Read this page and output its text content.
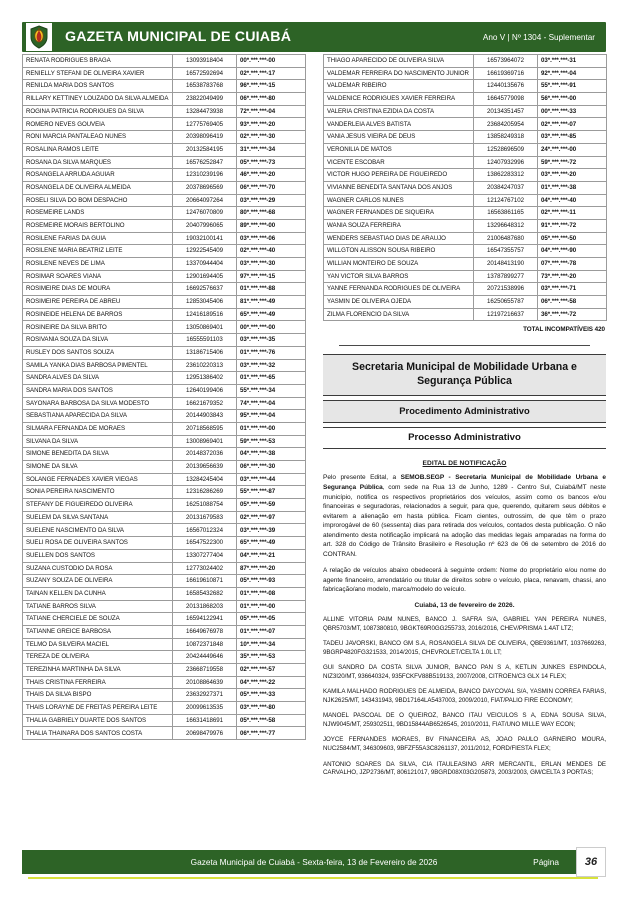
GAZETA MUNICIPAL DE CUIABÁ	Ano V | Nº 1304 - Suplementar
RENATA RODRIGUES BRAGA	13093918404	00*.***.***-00
RENIELLY STEFANI DE OLIVEIRA XAVIER	16572592694	02*.***.***-17
RENILDA MARIA DOS SANTOS	16538783768	96*.***.***-15
RILLARY KETTINEY LOUZADO DA SILVA ALMEIDA	23822049499	06*.***.***-80
ROGINA PATRICIA RODRIGUES DA SILVA	13284473938	72*.***.***-04
ROMERO NEVES GOUVEIA	12775769405	93*.***.***-20
RONI MARCIA PANTALEAO NUNES	20398096419	02*.***.***-30
ROSALINA RAMOS LEITE	20132584195	31*.***.***-34
ROSANA DA SILVA MARQUES	16576252847	05*.***.***-73
ROSANGELA ARRUDA AGUIAR	12310239196	46*.***.***-20
ROSANGELA DE OLIVEIRA ALMEIDA	20378696569	06*.***.***-70
ROSELI SILVA DO BOM DESPACHO	20664097264	03*.***.***-29
ROSEMEIRE LANDS	12476070809	80*.***.***-68
ROSEMEIRE MORAIS BERTOLINO	20407996065	89*.***.***-00
ROSILENE FARIAS DA GUIA	19032100141	03*.***.***-06
ROSILENE MARIA BEATRIZ LEITE	12922545409	02*.***.***-40
ROSILENE NEVES DE LIMA	13370944404	03*.***.***-30
ROSIMAR SOARES VIANA	12901694405	97*.***.***-15
ROSIMEIRE DIAS DE MOURA	16692576637	01*.***.***-88
ROSIMEIRE PEREIRA DE ABREU	12853045406	81*.***.***-49
ROSINEIDE HELENA DE BARROS	12416189516	65*.***.***-49
ROSINEIRE DA SILVA BRITO	13050869401	00*.***.***-00
ROSIVANIA SOUZA DA SILVA	16555591103	03*.***.***-35
RUSLEY DOS SANTOS SOUZA	13186715406	01*.***.***-76
SAMILA YANKA DIAS BARBOSA PIMENTEL	23610220313	03*.***.***-32
SANDRA ALVES DA SILVA	12951386402	01*.***.***-65
SANDRA MARIA DOS SANTOS	12640199406	55*.***.***-34
SAYONARA BARBOSA DA SILVA MODESTO	16621679352	74*.***.***-04
SEBASTIANA APARECIDA DA SILVA	20144903843	95*.***.***-04
SILMARA FERNANDA DE MORAES	20718568595	01*.***.***-00
SILVANA DA SILVA	13008969401	59*.***.***-53
SIMONE BENEDITA DA SILVA	20148372036	04*.***.***-38
SIMONE DA SILVA	20139656639	06*.***.***-30
SOLANGE FERNADES XAVIER VIEGAS	13284245404	03*.***.***-44
SONIA PEREIRA NASCIMENTO	12316286269	55*.***.***-87
STEFANY DE FIGUEIREDO OLIVEIRA	16251088754	05*.***.***-59
SUELEM DA SILVA SANTANA	20131679583	02*.***.***-97
SUELENE NASCIMENTO DA SILVA	16567012324	03*.***.***-39
SUELI ROSA DE OLIVEIRA SANTOS	16547522300	65*.***.***-49
SUELLEN DOS SANTOS	13307277404	04*.***.***-21
SUZANA CUSTODIO DA ROSA	12773024402	87*.***.***-20
SUZANY SOUZA DE OLIVEIRA	16619610871	05*.***.***-93
TAINAN KELLEN DA CUNHA	16585432682	01*.***.***-08
TATIANE BARROS SILVA	20131868203	01*.***.***-00
TATIANE CHERCIELE DE SOUZA	16594122941	05*.***.***-05
TATIANNE GREICE BARBOSA	16649676978	01*.***.***-07
TELMO DA SILVEIRA MACIEL	10872371848	10*.***.***-34
TEREZA DE OLIVEIRA	20424449646	35*.***.***-53
TEREZINHA MARTINHA DA SILVA	23668719558	02*.***.***-57
THAIS CRISTINA FERREIRA	20108864639	04*.***.***-22
THAIS DA SILVA BISPO	23632927371	05*.***.***-33
THAIS LORAYNE DE FREITAS PEREIRA LEITE	20099613535	03*.***.***-80
THALIA GABRIELY DUARTE DOS SANTOS	16631418691	05*.***.***-58
THALIA THAINARA DOS SANTOS COSTA	20698479976	06*.***.***-77
THIAGO APARECIDO DE OLIVEIRA SILVA	16573964072	03*.***.***-31
VALDEMAR FERREIRA DO NASCIMENTO JUNIOR	16619369716	92*.***.***-04
VALDEMAR RIBEIRO	12440135676	55*.***.***-91
VALDENICE RODRIGUES XAVIER FERREIRA	16645779098	56*.***.***-00
VALERIA CRISTINA EZIDIA DA COSTA	20134351457	00*.***.***-33
VANDERLEIA ALVES BATISTA	23684205954	02*.***.***-07
VANIA JESUS VIEIRA DE DEUS	13858249318	03*.***.***-85
VERONILIA DE MATOS	12528696509	24*.***.***-00
VICENTE ESCOBAR	12407932996	59*.***.***-72
VICTOR HUGO PEREIRA DE FIGUEIREDO	13862283312	03*.***.***-20
VIVIANNE BENEDITA SANTANA DOS ANJOS	20384247037	01*.***.***-38
WAGNER CARLOS NUNES	12124767102	04*.***.***-40
WAGNER FERNANDES DE SIQUEIRA	16563861165	02*.***.***-11
WANIA SOUZA FERREIRA	13296648312	91*.***.***-72
WENDERS SEBASTIAO DIAS DE ARAUJO	21006487680	05*.***.***-50
WILLGTON ALISSON SOUSA RIBEIRO	16547355757	04*.***.***-90
WILLIAN MONTEIRO DE SOUZA	20148413190	07*.***.***-78
YAN VICTOR SILVA BARROS	13787899277	73*.***.***-20
YANNE FERNANDA RODRIGUES DE OLIVEIRA	20721538996	03*.***.***-71
YASMIN DE OLIVEIRA OJEDA	16250655787	06*.***.***-58
ZILMA FLORENCIO DA SILVA	12197216637	36*.***.***-72
TOTAL INCOMPATÍVEIS 420
Secretaria Municipal de Mobilidade Urbana e Segurança Pública
Procedimento Administrativo
Processo Administrativo
EDITAL DE NOTIFICAÇÃO

Pelo presente Edital, a SEMOB.SEGP - Secretaria Municipal de Mobilidade Urbana e Segurança Pública, com sede na Rua 13 de Junho, 1289 - Centro Sul, Cuiabá/MT neste município, notifica os respectivos proprietários dos veículos, assim como os bancos e/ou financeiras e seguradoras, relacionados a seguir, para que, querendo, quitarem seus débitos e evitarem a alienação em hasta pública. Ficam cientes, outrossim, de que têm o prazo improrogável de 60 (sessenta) dias para retirada dos veículos, contados desta publicação. O não atendimento desta notificação implicará na adoção das medidas legais amparadas na forma do art. 328 do Código de Trânsito Brasileiro e Resolução nº 623 de 06 de setembro de 2016 do CONTRAN.

A relação de veículos abaixo obedecerá à seguinte ordem: Nome do proprietário e/ou nome do agente financeiro, arrendatário ou titular de direitos sobre o veículo, placa, renavam, chassi, ano fabricação/ano modelo, marca/modelo do veículo.

Cuiabá, 13 de fevereiro de 2026.

ALLINE VITORIA PAIM NUNES, BANCO J. SAFRA S/A, GABRIEL YAN PEREIRA NUNES, QBR5703/MT, 1087380810, 9BGKT69R0GG255733, 2016/2016, CHEV/PRISMA 1.4AT LTZ;

TADEU JAVORSKI, BANCO GM S.A, ROSANGELA SILVA DE OLIVEIRA, QBE9361/MT, 1037669263, 9BGRP4820FG321533, 2014/2015, CHEVROLET/CELTA 1.0L LT;

GUI SANDRO DA COSTA SILVA JUNIOR, BANCO PAN S A, KETLIN JUNKES ESPINDOLA, NIZ3I20/MT, 936640324, 935FCKFV88B519133, 2007/2008, CITROEN/C3 GLX 14 FLEX;

KAMILA MALHADO RODRIGUES DE ALMEIDA, BANCO DAYCOVAL S/A, YASMIN CORREA FARIAS, NJK2625/MT, 143431943, 9BD17164LA5437003, 2009/2010, FIAT/PALIO FIRE ECONOMY;

MANOEL PASCOAL DE O QUEIROZ, BANCO ITAU VEICULOS S A, EDNA SOUSA SILVA, NJW9045/MT, 259302511, 9BD15844AB6526545, 2010/2011, FIAT/UNO MILLE WAY ECON;

JOYCE FERNANDES MORAES, BV FINANCEIRA AS, JOAO PAULO GARNEIRO MOURA, NUC2584/MT, 346309603, 9BFZF55A3C8261137, 2011/2012, FORD/FIESTA FLEX;

ANTONIO SOARES DA SILVA, CIA ITAULEASING ARR MERCANTIL, ERLAN MENDES DE CARVALHO, JZP2736/MT, 806121017, 9BGRD08X03G205873, 2003/2003, GM/CELTA 3 PORTAS;

Gazeta Municipal de Cuiabá - Sexta-feira, 13 de Fevereiro de 2026	Página	36
